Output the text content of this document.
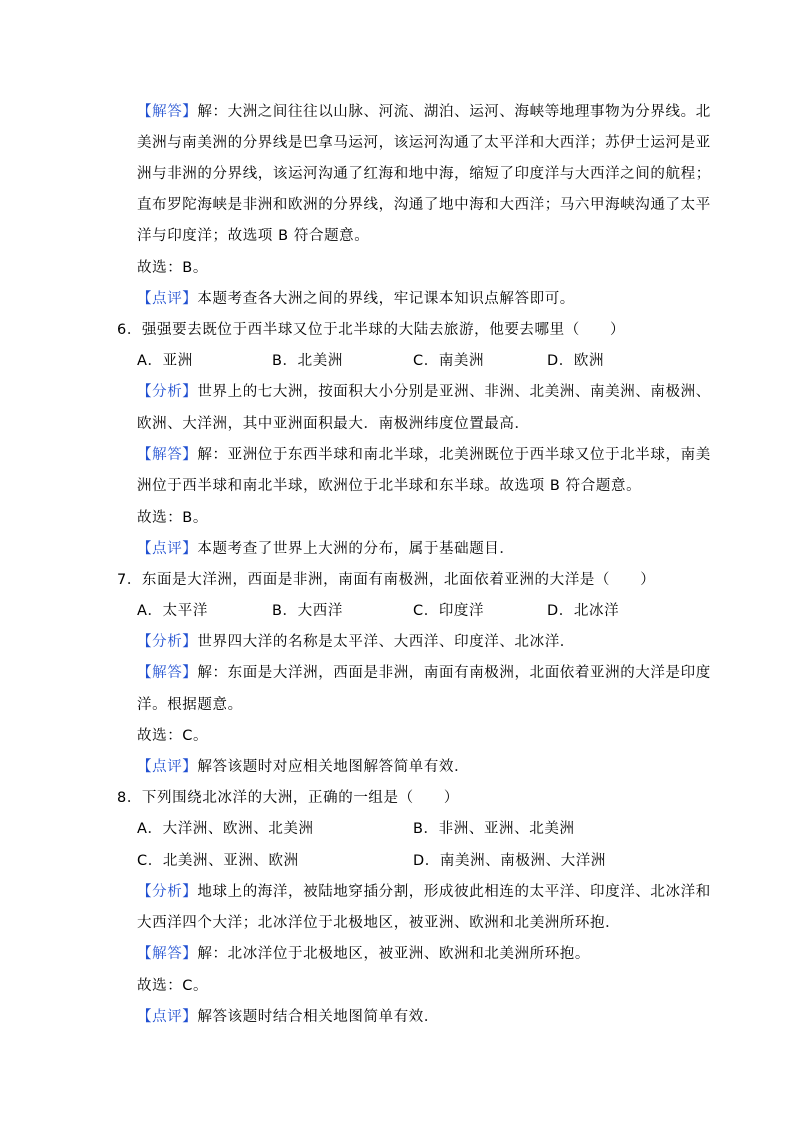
【解答】解：大洲之间往往以山脉、河流、湖泊、运河、海峡等地理事物为分界线。北
美洲与南美洲的分界线是巴拿马运河，该运河沟通了太平洋和大西洋；苏伊士运河是亚
洲与非洲的分界线，该运河沟通了红海和地中海，缩短了印度洋与大西洋之间的航程；
直布罗陀海峡是非洲和欧洲的分界线，沟通了地中海和大西洋；马六甲海峡沟通了太平
洋与印度洋；故选项 B 符合题意。
故选：B。
【点评】本题考查各大洲之间的界线，牢记课本知识点解答即可。
6．强强要去既位于西半球又位于北半球的大陆去旅游，他要去哪里（　　）
A．亚洲	B．北美洲	C．南美洲	D．欧洲
【分析】世界上的七大洲，按面积大小分别是亚洲、非洲、北美洲、南美洲、南极洲、
欧洲、大洋洲，其中亚洲面积最大．南极洲纬度位置最高．
【解答】解：亚洲位于东西半球和南北半球，北美洲既位于西半球又位于北半球，南美
洲位于西半球和南北半球，欧洲位于北半球和东半球。故选项 B 符合题意。
故选：B。
【点评】本题考查了世界上大洲的分布，属于基础题目．
7．东面是大洋洲，西面是非洲，南面有南极洲，北面依着亚洲的大洋是（　　）
A．太平洋	B．大西洋	C．印度洋	D．北冰洋
【分析】世界四大洋的名称是太平洋、大西洋、印度洋、北冰洋．
【解答】解：东面是大洋洲，西面是非洲，南面有南极洲，北面依着亚洲的大洋是印度
洋。根据题意。
故选：C。
【点评】解答该题时对应相关地图解答简单有效．
8．下列围绕北冰洋的大洲，正确的一组是（　　）
A．大洋洲、欧洲、北美洲	B．非洲、亚洲、北美洲
C．北美洲、亚洲、欧洲	D．南美洲、南极洲、大洋洲
【分析】地球上的海洋，被陆地穿插分割，形成彼此相连的太平洋、印度洋、北冰洋和
大西洋四个大洋；北冰洋位于北极地区，被亚洲、欧洲和北美洲所环抱．
【解答】解：北冰洋位于北极地区，被亚洲、欧洲和北美洲所环抱。
故选：C。
【点评】解答该题时结合相关地图简单有效．
